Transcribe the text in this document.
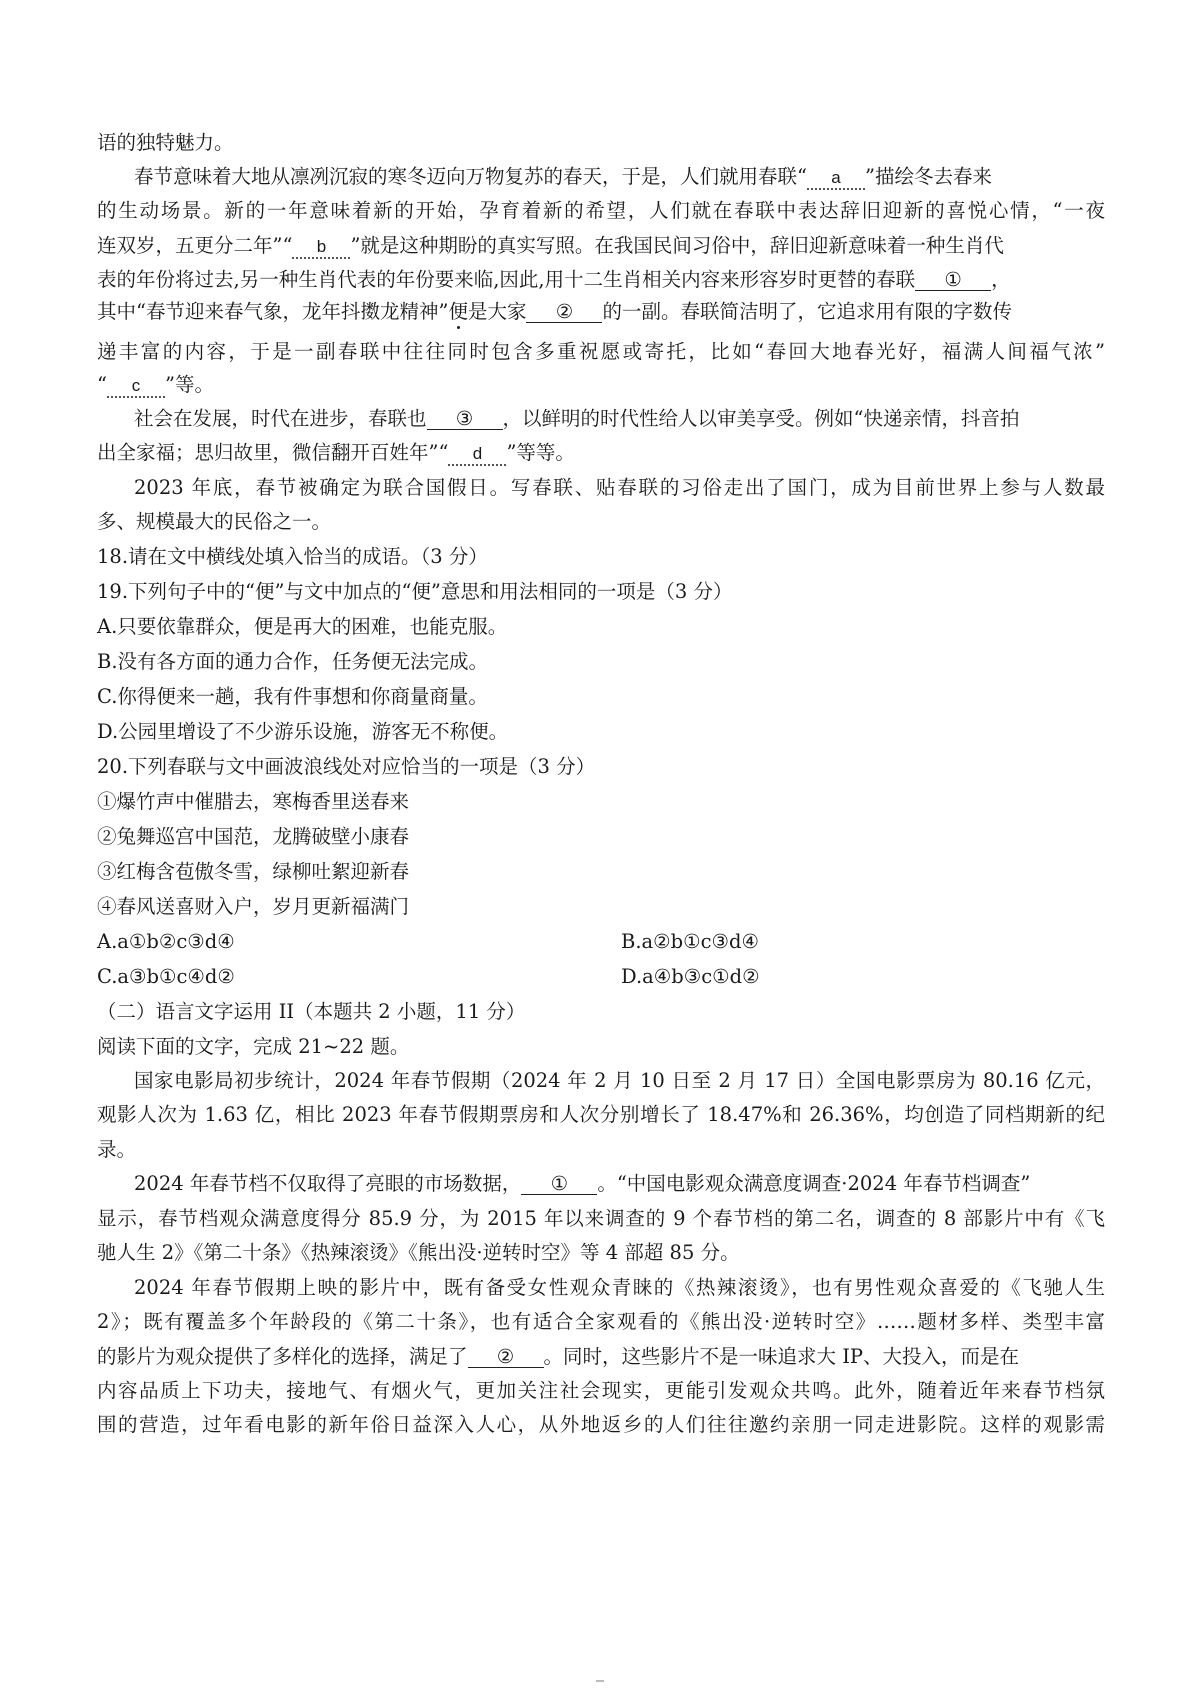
语的独特魅力。
春节意味着大地从凛冽沉寂的寒冬迈向万物复苏的春天，于是，人们就用春联“ a ”描绘冬去春来
的生动场景。新的一年意味着新的开始，孕育着新的希望，人们就在春联中表达辞旧迎新的喜悦心情，“一夜
连双岁，五更分二年”“ b ”就是这种期盼的真实写照。在我国民间习俗中，辞旧迎新意味着一种生肖代
表的年份将过去,另一种生肖代表的年份要来临,因此,用十二生肖相关内容来形容岁时更替的春联 ① ，
其中“春节迎来春气象，龙年抖擞龙精神”便是大家 ② 的一副。春联简洁明了，它追求用有限的字数传
递丰富的内容，于是一副春联中往往同时包含多重祝愿或寄托，比如“春回大地春光好，福满人间福气浓”
“ c ”等。
社会在发展，时代在进步，春联也 ③ ，以鲜明的时代性给人以审美享受。例如“快递亲情，抖音拍
出全家福；思归故里，微信翻开百姓年”“ d ”等等。
2023 年底，春节被确定为联合国假日。写春联、贴春联的习俗走出了国门，成为目前世界上参与人数最
多、规模最大的民俗之一。
18.请在文中横线处填入恰当的成语。（3 分）
19.下列句子中的“便”与文中加点的“便”意思和用法相同的一项是（3 分）
A.只要依靠群众，便是再大的困难，也能克服。
B.没有各方面的通力合作，任务便无法完成。
C.你得便来一趟，我有件事想和你商量商量。
D.公园里增设了不少游乐设施，游客无不称便。
20.下列春联与文中画波浪线处对应恰当的一项是（3 分）
①爆竹声中催腊去，寒梅香里送春来
②兔舞巡宫中国范，龙腾破壁小康春
③红梅含苞傲冬雪，绿柳吐絮迎新春
④春风送喜财入户，岁月更新福满门
A.a①b②c③d④	B.a②b①c③d④
C.a③b①c④d②	D.a④b③c①d②
（二）语言文字运用 II（本题共 2 小题，11 分）
阅读下面的文字，完成 21~22 题。
国家电影局初步统计，2024 年春节假期（2024 年 2 月 10 日至 2 月 17 日）全国电影票房为 80.16 亿元，
观影人次为 1.63 亿，相比 2023 年春节假期票房和人次分别增长了 18.47%和 26.36%，均创造了同档期新的纪
录。
2024 年春节档不仅取得了亮眼的市场数据， ① 。“中国电影观众满意度调查·2024 年春节档调查”
显示，春节档观众满意度得分 85.9 分，为 2015 年以来调查的 9 个春节档的第二名，调查的 8 部影片中有《飞
驰人生 2》《第二十条》《热辣滚烫》《熊出没·逆转时空》等 4 部超 85 分。
2024 年春节假期上映的影片中，既有备受女性观众青睐的《热辣滚烫》，也有男性观众喜爱的《飞驰人生
2》；既有覆盖多个年龄段的《第二十条》，也有适合全家观看的《熊出没·逆转时空》……题材多样、类型丰富
的影片为观众提供了多样化的选择，满足了 ② 。同时，这些影片不是一味追求大 IP、大投入，而是在
内容品质上下功夫，接地气、有烟火气，更加关注社会现实，更能引发观众共鸣。此外，随着近年来春节档氛
围的营造，过年看电影的新年俗日益深入人心，从外地返乡的人们往往邀约亲朋一同走进影院。这样的观影需
